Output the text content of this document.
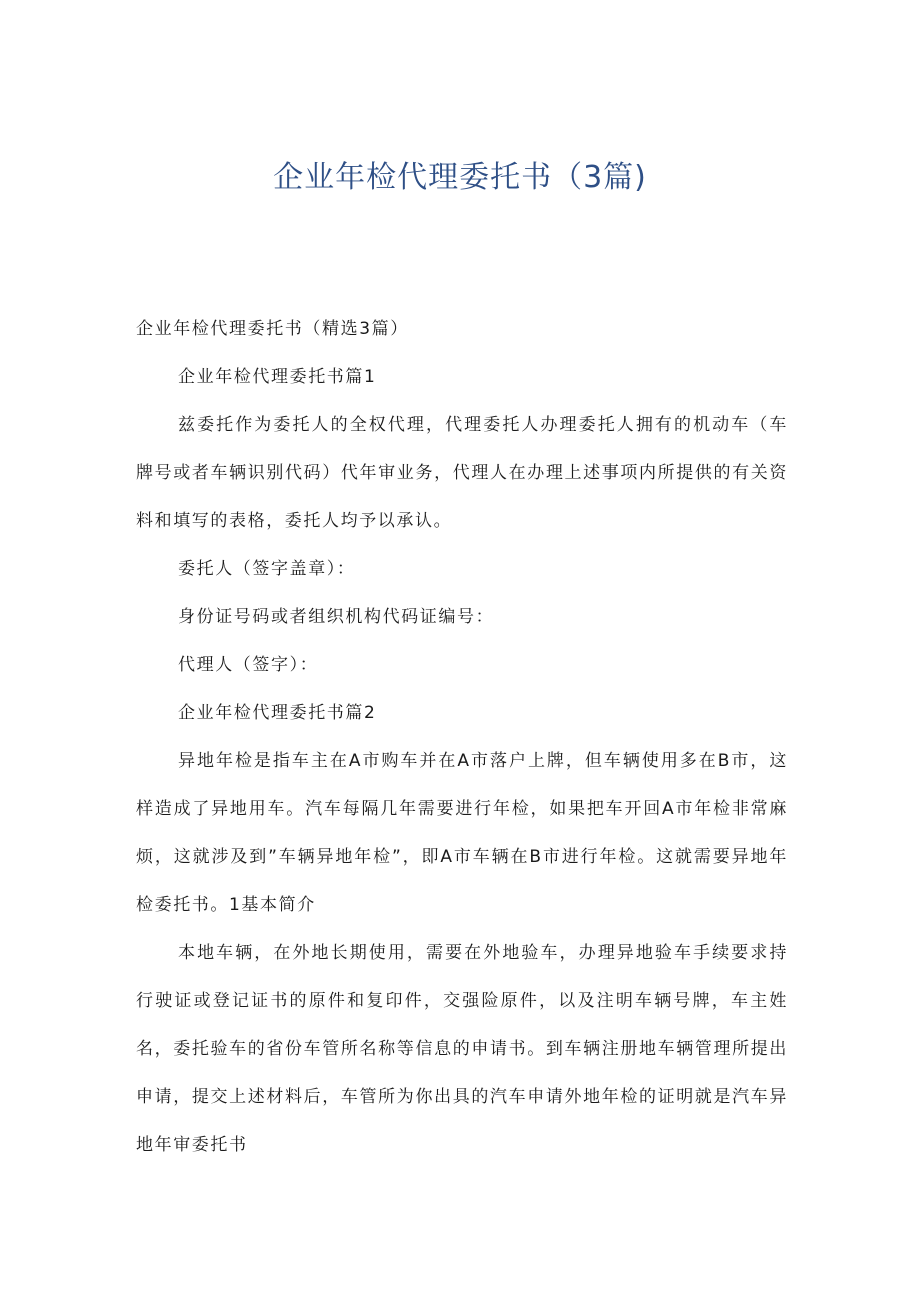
企业年检代理委托书（3篇)

企业年检代理委托书（精选3篇）

企业年检代理委托书篇1

兹委托作为委托人的全权代理，代理委托人办理委托人拥有的机动车（车牌号或者车辆识别代码）代年审业务，代理人在办理上述事项内所提供的有关资料和填写的表格，委托人均予以承认。

委托人（签字盖章）：

身份证号码或者组织机构代码证编号：

代理人（签字）：

企业年检代理委托书篇2

异地年检是指车主在A市购车并在A市落户上牌，但车辆使用多在B市，这样造成了异地用车。汽车每隔几年需要进行年检，如果把车开回A市年检非常麻烦，这就涉及到”车辆异地年检”，即A市车辆在B市进行年检。这就需要异地年检委托书。1基本简介

本地车辆，在外地长期使用，需要在外地验车，办理异地验车手续要求持行驶证或登记证书的原件和复印件，交强险原件，以及注明车辆号牌，车主姓名，委托验车的省份车管所名称等信息的申请书。到车辆注册地车辆管理所提出申请，提交上述材料后，车管所为你出具的汽车申请外地年检的证明就是汽车异地年审委托书
